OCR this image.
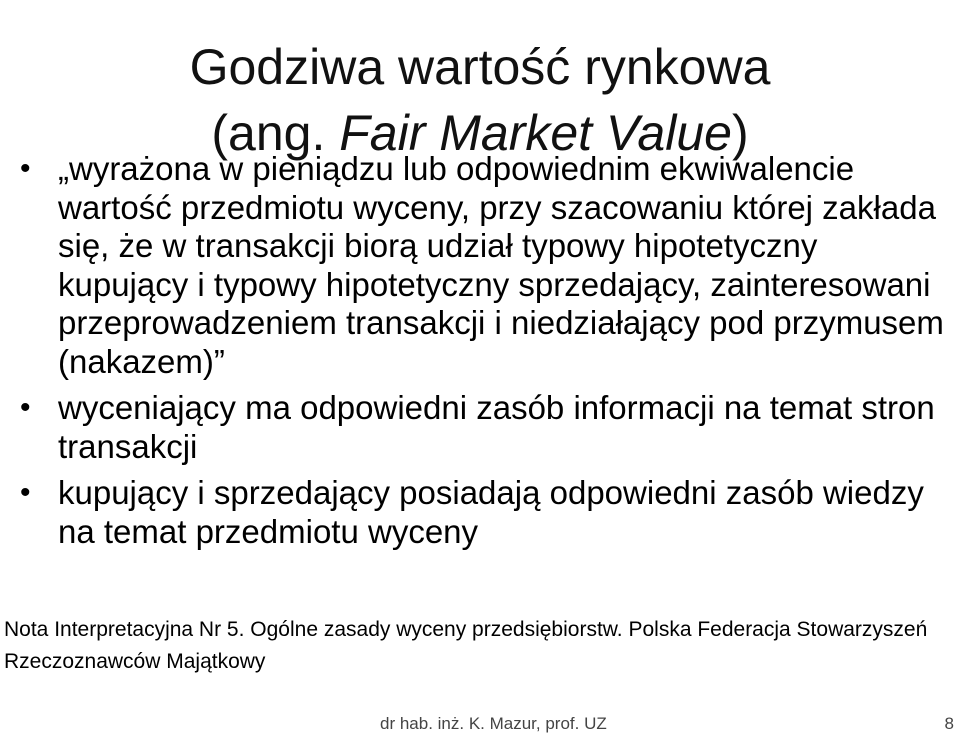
Godziwa wartość rynkowa
(ang. Fair Market Value)
• „wyrażona w pieniądzu lub odpowiednim ekwiwalencie wartość przedmiotu wyceny, przy szacowaniu której zakłada się, że w transakcji biorą udział typowy hipotetyczny kupujący i typowy hipotetyczny sprzedający, zainteresowani przeprowadzeniem transakcji i niedziałający pod przymusem (nakazem)”
• wyceniający ma odpowiedni zasób informacji na temat stron transakcji
• kupujący i sprzedający posiadają odpowiedni zasób wiedzy na temat przedmiotu wyceny
Nota Interpretacyjna Nr 5. Ogólne zasady wyceny przedsiębiorstw. Polska Federacja Stowarzyszeń Rzeczoznawców Majątkowy
dr hab. inż. K. Mazur, prof. UZ	8
